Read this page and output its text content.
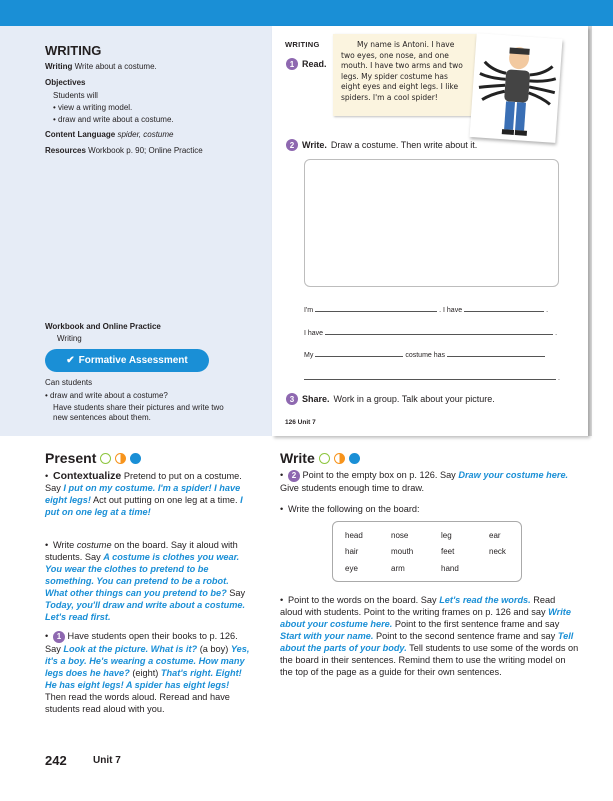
WRITING
Writing Write about a costume.
Objectives
Students will
• view a writing model.
• draw and write about a costume.
Content Language spider, costume
Resources Workbook p. 90; Online Practice
Workbook and Online Practice
Writing
✔ Formative Assessment
Can students
• draw and write about a costume?
Have students share their pictures and write two
new sentences about them.
WRITING
1 Read.
My name is Antoni. I have
two eyes, one nose, and one
mouth. I have two arms and two
legs. My spider costume has
eight eyes and eight legs. I like
spiders. I'm a cool spider!
2 Write. Draw a costume. Then write about it.
I'm	. I have	.
I have	.
My	costume has
.
3 Share. Work in a group. Talk about your picture.
126 Unit 7
Present
• Contextualize Pretend to put on a costume. Say I put on my costume. I'm a spider! I have eight legs! Act out putting on one leg at a time. I put on one leg at a time!
• Write costume on the board. Say it aloud with students. Say A costume is clothes you wear. You wear the clothes to pretend to be something. You can pretend to be a robot. What other things can you pretend to be? Say Today, you'll draw and write about a costume. Let's read first.
• 1 Have students open their books to p. 126. Say Look at the picture. What is it? (a boy) Yes, it's a boy. He's wearing a costume. How many legs does he have? (eight) That's right. Eight! He has eight legs! A spider has eight legs! Then read the words aloud. Reread and have students read aloud with you.
Write
• 2 Point to the empty box on p. 126. Say Draw your costume here. Give students enough time to draw.
• Write the following on the board:
head	nose	leg	ear
hair	mouth	feet	neck
eye	arm	hand
• Point to the words on the board. Say Let's read the words. Read aloud with students. Point to the writing frames on p. 126 and say Write about your costume here. Point to the first sentence frame and say Start with your name. Point to the second sentence frame and say Tell about the parts of your body. Tell students to use some of the words on the board in their sentences. Remind them to use the writing model on the top of the page as a guide for their own sentences.
242	Unit 7
